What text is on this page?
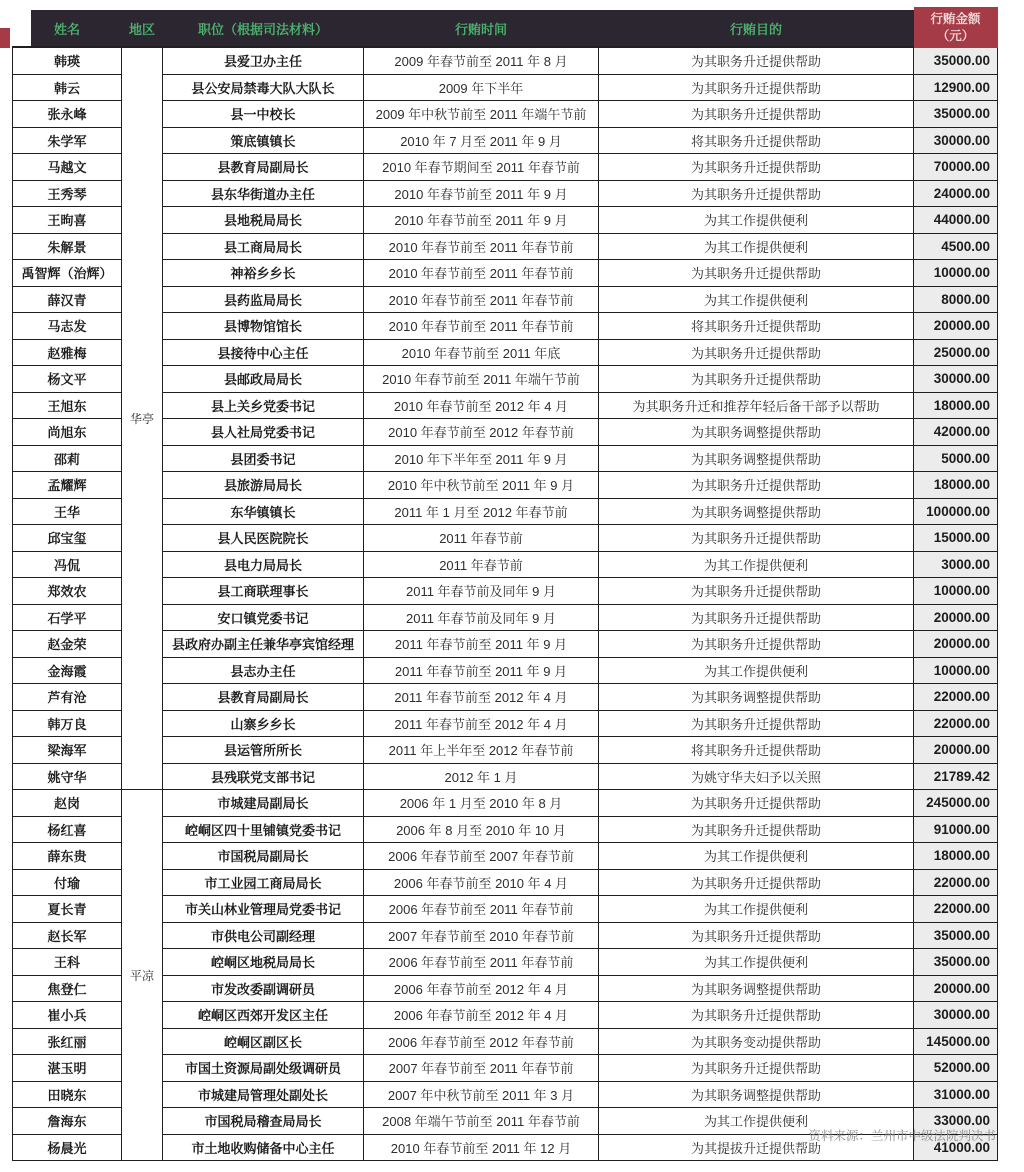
姓名	地区	职位（根据司法材料）	行贿时间	行贿目的	行贿金额
（元）

韩瑛	华亭	县爱卫办主任	2009 年春节前至 2011 年 8 月	为其职务升迁提供帮助	35000.00
韩云		县公安局禁毒大队大队长	2009 年下半年	为其职务升迁提供帮助	12900.00
张永峰		县一中校长	2009 年中秋节前至 2011 年端午节前	为其职务升迁提供帮助	35000.00
朱学军		策底镇镇长	2010 年 7 月至 2011 年 9 月	将其职务升迁提供帮助	30000.00
马越文		县教育局副局长	2010 年春节期间至 2011 年春节前	为其职务升迁提供帮助	70000.00
王秀琴		县东华街道办主任	2010 年春节前至 2011 年 9 月	为其职务升迁提供帮助	24000.00
王昫喜		县地税局局长	2010 年春节前至 2011 年 9 月	为其工作提供便利	44000.00
朱解景		县工商局局长	2010 年春节前至 2011 年春节前	为其工作提供便利	4500.00
禹智辉（治辉）		神裕乡乡长	2010 年春节前至 2011 年春节前	为其职务升迁提供帮助	10000.00
薛汉青		县药监局局长	2010 年春节前至 2011 年春节前	为其工作提供便利	8000.00
马志发		县博物馆馆长	2010 年春节前至 2011 年春节前	将其职务升迁提供帮助	20000.00
赵雅梅		县接待中心主任	2010 年春节前至 2011 年底	为其职务升迁提供帮助	25000.00
杨文平		县邮政局局长	2010 年春节前至 2011 年端午节前	为其职务升迁提供帮助	30000.00
王旭东		县上关乡党委书记	2010 年春节前至 2012 年 4 月	为其职务升迁和推荐年轻后备干部予以帮助	18000.00
尚旭东		县人社局党委书记	2010 年春节前至 2012 年春节前	为其职务调整提供帮助	42000.00
邵莉		县团委书记	2010 年下半年至 2011 年 9 月	为其职务调整提供帮助	5000.00
孟耀辉		县旅游局局长	2010 年中秋节前至 2011 年 9 月	为其职务升迁提供帮助	18000.00
王华		东华镇镇长	2011 年 1 月至 2012 年春节前	为其职务调整提供帮助	100000.00
邱宝玺		县人民医院院长	2011 年春节前	为其职务升迁提供帮助	15000.00
冯侃		县电力局局长	2011 年春节前	为其工作提供便利	3000.00
郑效农		县工商联理事长	2011 年春节前及同年 9 月	为其职务升迁提供帮助	10000.00
石学平		安口镇党委书记	2011 年春节前及同年 9 月	为其职务升迁提供帮助	20000.00
赵金荣		县政府办副主任兼华亭宾馆经理	2011 年春节前至 2011 年 9 月	为其职务升迁提供帮助	20000.00
金海霞		县志办主任	2011 年春节前至 2011 年 9 月	为其工作提供便利	10000.00
芦有沧		县教育局副局长	2011 年春节前至 2012 年 4 月	为其职务调整提供帮助	22000.00
韩万良		山寨乡乡长	2011 年春节前至 2012 年 4 月	为其职务升迁提供帮助	22000.00
梁海军		县运管所所长	2011 年上半年至 2012 年春节前	将其职务升迁提供帮助	20000.00
姚守华		县残联党支部书记	2012 年 1 月	为姚守华夫妇予以关照	21789.42
赵岗	平凉	市城建局副局长	2006 年 1 月至 2010 年 8 月	为其职务升迁提供帮助	245000.00
杨红喜		崆峒区四十里铺镇党委书记	2006 年 8 月至 2010 年 10 月	为其职务升迁提供帮助	91000.00
薛东贵		市国税局副局长	2006 年春节前至 2007 年春节前	为其工作提供便利	18000.00
付瑜		市工业园工商局局长	2006 年春节前至 2010 年 4 月	为其职务升迁提供帮助	22000.00
夏长青		市关山林业管理局党委书记	2006 年春节前至 2011 年春节前	为其工作提供便利	22000.00
赵长军		市供电公司副经理	2007 年春节前至 2010 年春节前	为其职务升迁提供帮助	35000.00
王科		崆峒区地税局局长	2006 年春节前至 2011 年春节前	为其工作提供便利	35000.00
焦登仁		市发改委副调研员	2006 年春节前至 2012 年 4 月	为其职务调整提供帮助	20000.00
崔小兵		崆峒区西郊开发区主任	2006 年春节前至 2012 年 4 月	为其职务升迁提供帮助	30000.00
张红丽		崆峒区副区长	2006 年春节前至 2012 年春节前	为其职务变动提供帮助	145000.00
湛玉明		市国土资源局副处级调研员	2007 年春节前至 2011 年春节前	为其职务升迁提供帮助	52000.00
田晓东		市城建局管理处副处长	2007 年中秋节前至 2011 年 3 月	为其职务调整提供帮助	31000.00
詹海东		市国税局稽查局局长	2008 年端午节前至 2011 年春节前	为其工作提供便利	33000.00
杨晨光		市土地收购储备中心主任	2010 年春节前至 2011 年 12 月	为其提拔升迁提供帮助	41000.00
资料来源：兰州市中级法院判决书
